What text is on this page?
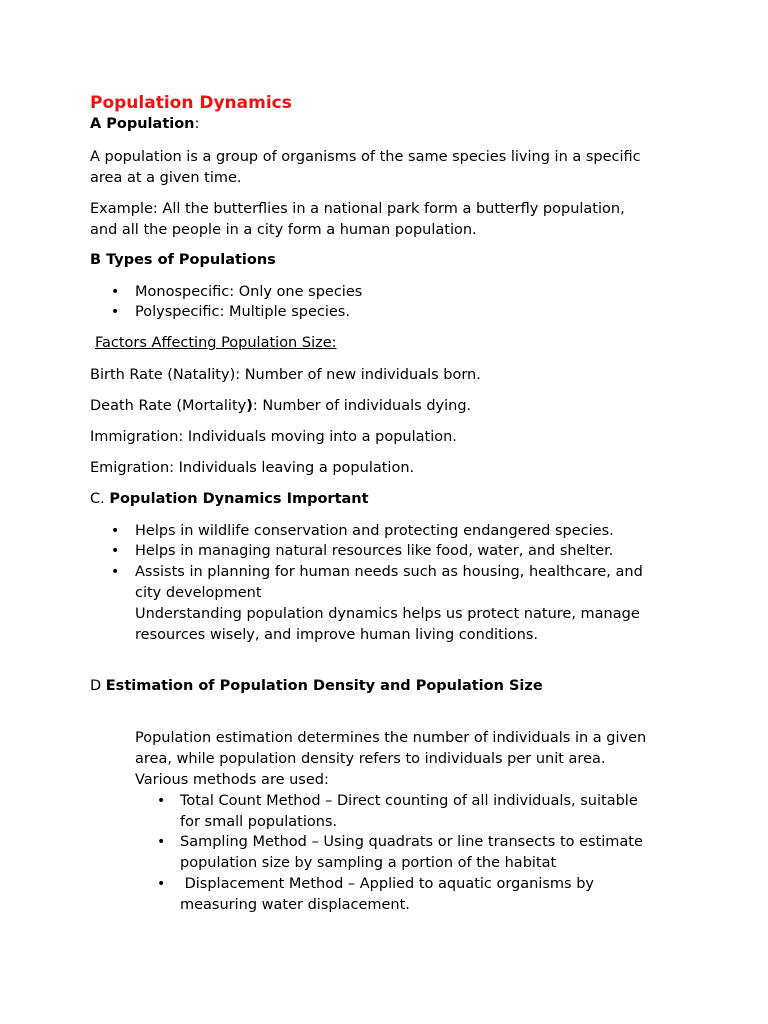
Population Dynamics
A Population:
A population is a group of organisms of the same species living in a specific
area at a given time.
Example: All the butterflies in a national park form a butterfly population,
and all the people in a city form a human population.
B Types of Populations
• Monospecific: Only one species
• Polyspecific: Multiple species.
Factors Affecting Population Size:
Birth Rate (Natality): Number of new individuals born.
Death Rate (Mortality): Number of individuals dying.
Immigration: Individuals moving into a population.
Emigration: Individuals leaving a population.
C. Population Dynamics Important
• Helps in wildlife conservation and protecting endangered species.
• Helps in managing natural resources like food, water, and shelter.
• Assists in planning for human needs such as housing, healthcare, and
city development
Understanding population dynamics helps us protect nature, manage
resources wisely, and improve human living conditions.
D Estimation of Population Density and Population Size
Population estimation determines the number of individuals in a given
area, while population density refers to individuals per unit area.
Various methods are used:
• Total Count Method – Direct counting of all individuals, suitable
for small populations.
• Sampling Method – Using quadrats or line transects to estimate
population size by sampling a portion of the habitat
• Displacement Method – Applied to aquatic organisms by
measuring water displacement.
